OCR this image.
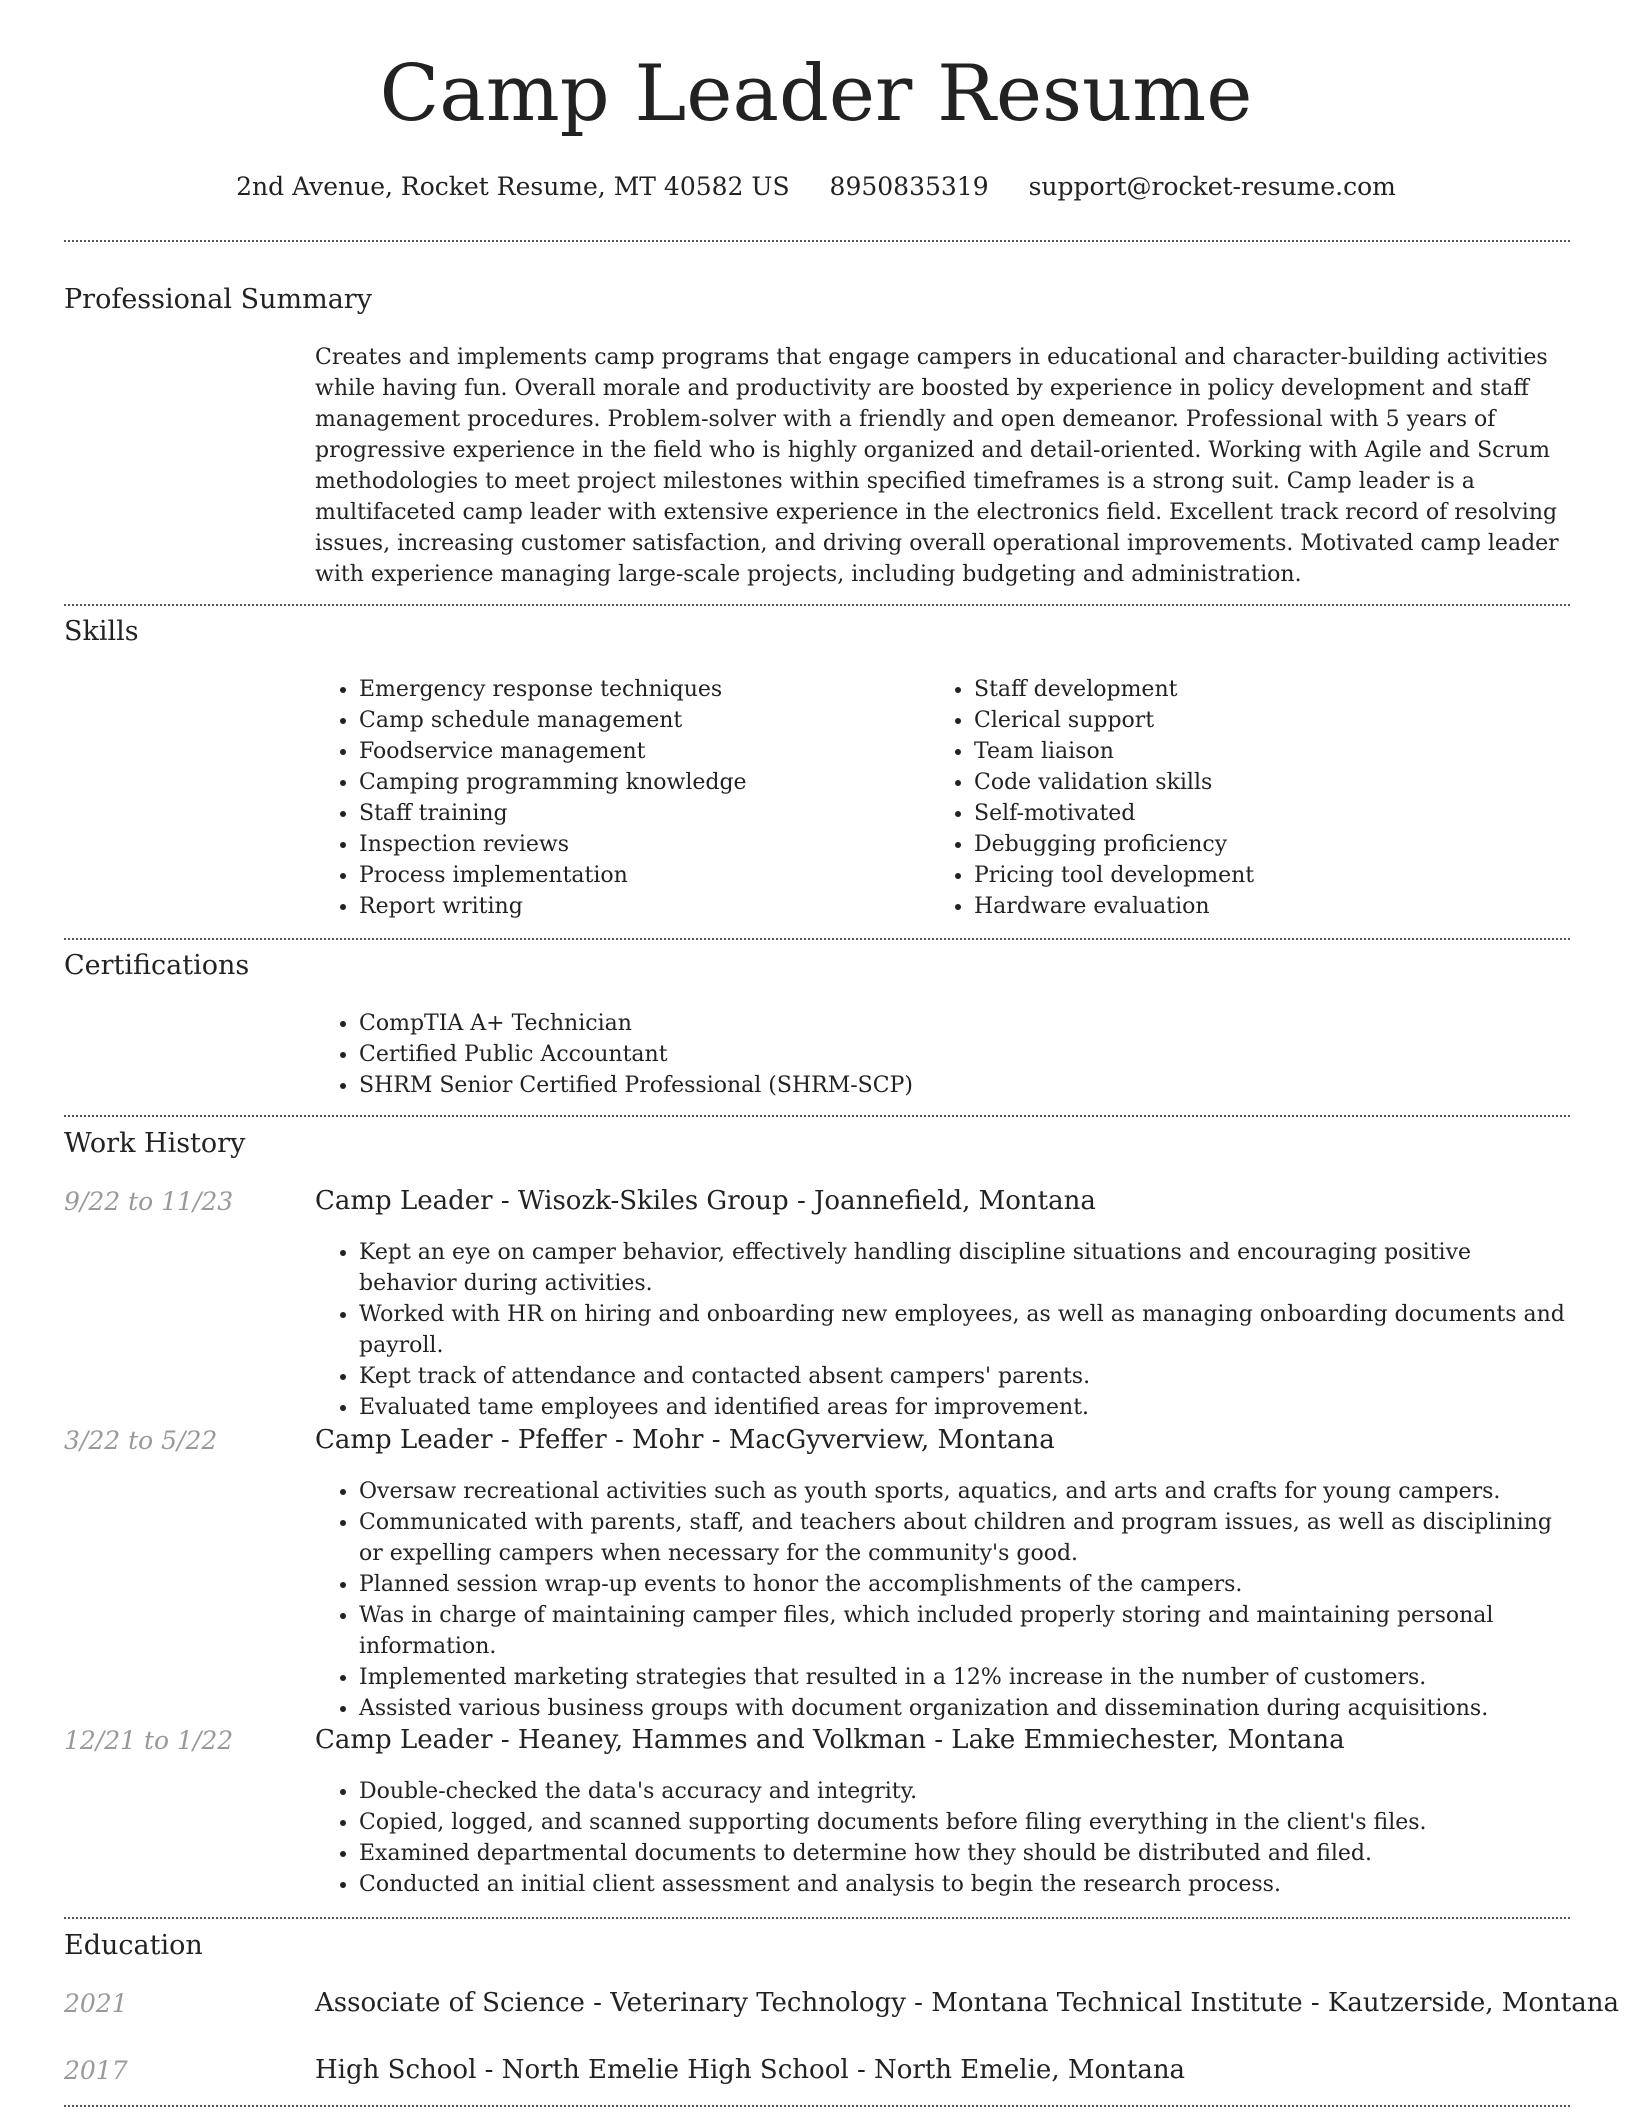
Camp Leader Resume
2nd Avenue, Rocket Resume, MT 40582 US 8950835319 support@rocket-resume.com
Professional Summary

Creates and implements camp programs that engage campers in educational and character-building activities while having fun. Overall morale and productivity are boosted by experience in policy development and staff management procedures. Problem-solver with a friendly and open demeanor. Professional with 5 years of progressive experience in the field who is highly organized and detail-oriented. Working with Agile and Scrum methodologies to meet project milestones within specified timeframes is a strong suit. Camp leader is a multifaceted camp leader with extensive experience in the electronics field. Excellent track record of resolving issues, increasing customer satisfaction, and driving overall operational improvements. Motivated camp leader with experience managing large-scale projects, including budgeting and administration.

Skills
• Emergency response techniques
• Camp schedule management
• Foodservice management
• Camping programming knowledge
• Staff training
• Inspection reviews
• Process implementation
• Report writing
• Staff development
• Clerical support
• Team liaison
• Code validation skills
• Self-motivated
• Debugging proficiency
• Pricing tool development
• Hardware evaluation
Certifications
• CompTIA A+ Technician
• Certified Public Accountant
• SHRM Senior Certified Professional (SHRM-SCP)
Work History
9/22 to 11/23	Camp Leader - Wisozk-Skiles Group - Joannefield, Montana
• Kept an eye on camper behavior, effectively handling discipline situations and encouraging positive behavior during activities.
• Worked with HR on hiring and onboarding new employees, as well as managing onboarding documents and payroll.
• Kept track of attendance and contacted absent campers' parents.
• Evaluated tame employees and identified areas for improvement.
3/22 to 5/22	Camp Leader - Pfeffer - Mohr - MacGyverview, Montana
• Oversaw recreational activities such as youth sports, aquatics, and arts and crafts for young campers.
• Communicated with parents, staff, and teachers about children and program issues, as well as disciplining or expelling campers when necessary for the community's good.
• Planned session wrap-up events to honor the accomplishments of the campers.
• Was in charge of maintaining camper files, which included properly storing and maintaining personal information.
• Implemented marketing strategies that resulted in a 12% increase in the number of customers.
• Assisted various business groups with document organization and dissemination during acquisitions.
12/21 to 1/22	Camp Leader - Heaney, Hammes and Volkman - Lake Emmiechester, Montana
• Double-checked the data's accuracy and integrity.
• Copied, logged, and scanned supporting documents before filing everything in the client's files.
• Examined departmental documents to determine how they should be distributed and filed.
• Conducted an initial client assessment and analysis to begin the research process.
Education
2021	Associate of Science - Veterinary Technology - Montana Technical Institute - Kautzerside, Montana
2017	High School - North Emelie High School - North Emelie, Montana
